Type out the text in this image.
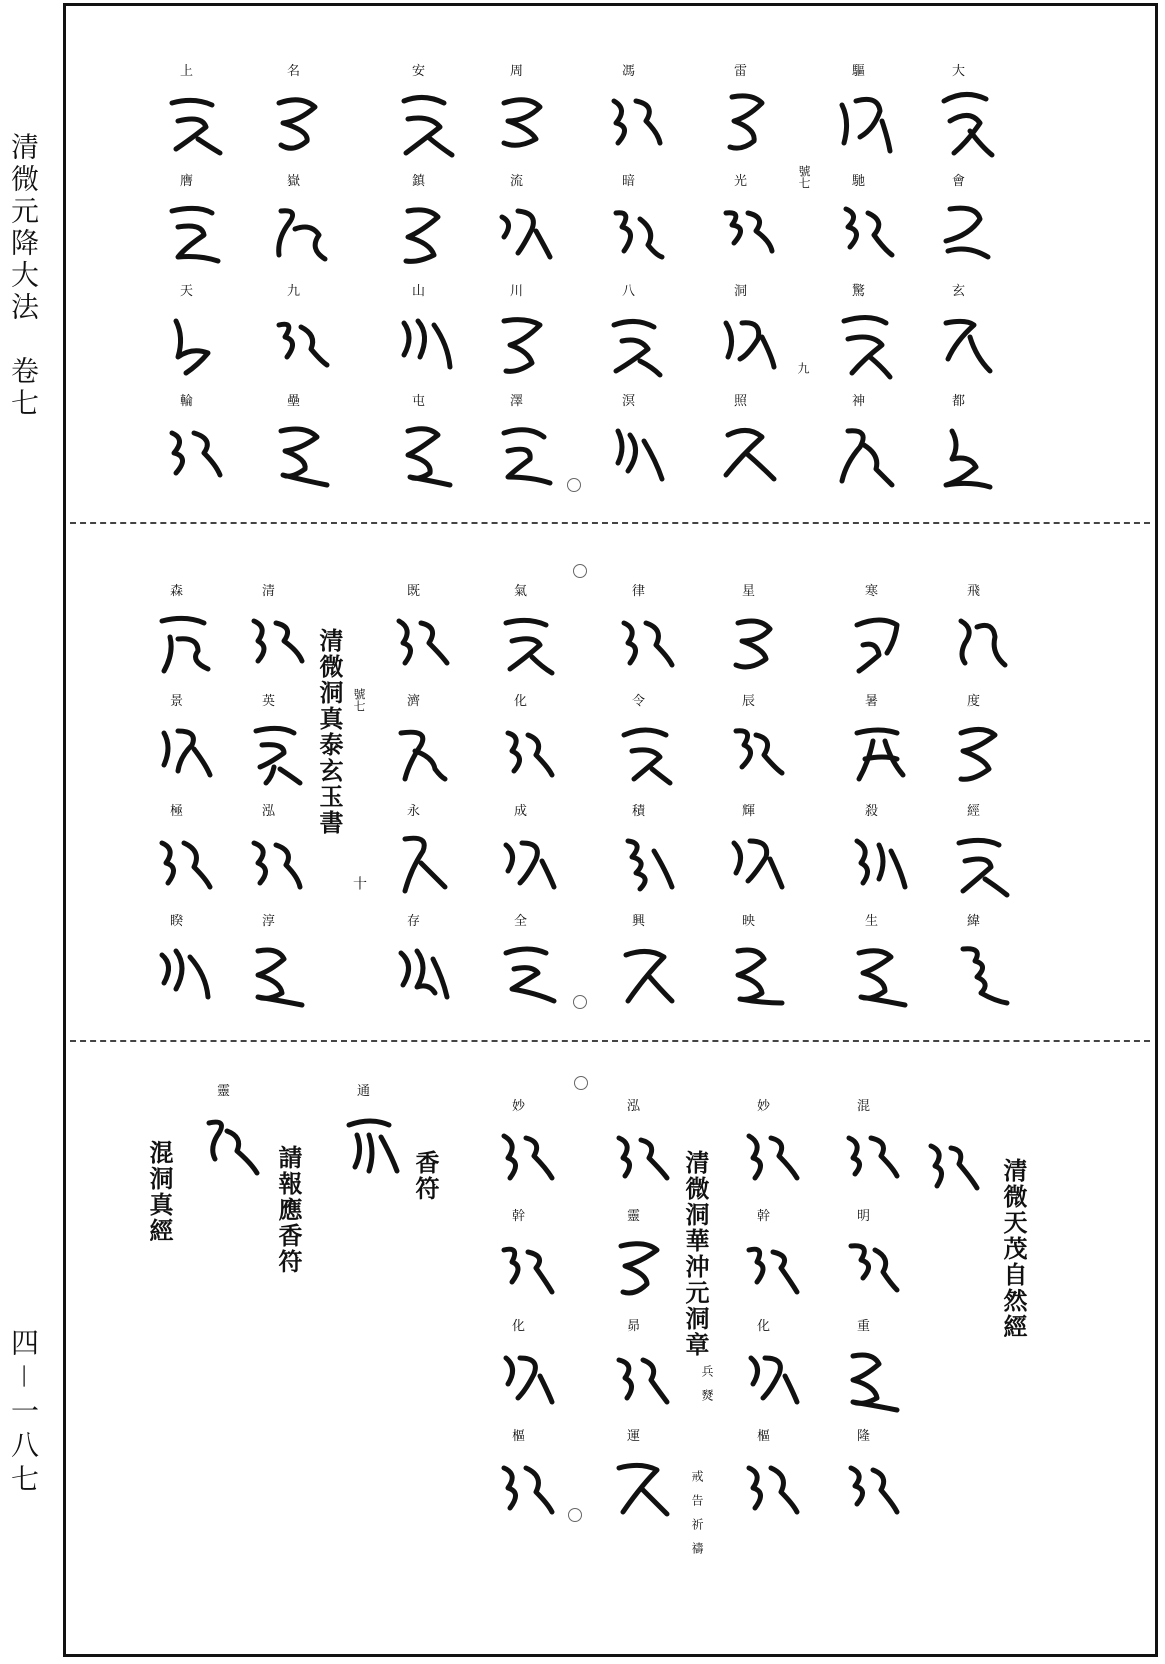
清微元降大法　卷七
四－一八七
大
會
玄
都
驅
馳
驚
神
雷
光
洞
照
馮
暗
八
溟
周
流
川
澤
安
鎮
山
屯
名
嶽
九
壘
上
膺
天
輪
號七
九
飛
度
經
緯
寒
暑
殺
生
星
辰
輝
映
律
令
積
興
氣
化
成
全
既
濟
永
存
清
英
泓
淳
森
景
極
睽
清微洞真泰玄玉書 號七
十
清微天茂自然經
混
明
重
隆
妙
幹
化
樞
清微洞華沖元洞章
兵　燹
戒　告　祈　禱
泓
靈
昴
運
妙
幹
化
樞
香符
通
請報應香符
靈
混洞真經
